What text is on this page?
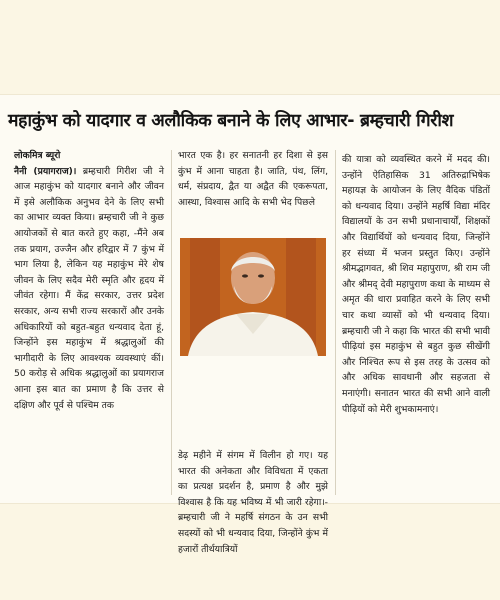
महाकुंभ को यादगार व अलौकिक बनाने के लिए आभार- ब्रम्हचारी गिरीश

लोकमित्र ब्यूरो
नैनी (प्रयागराज)। ब्रम्हचारी गिरीश जी ने आज महाकुंभ को यादगार बनाने और जीवन में इसे अलौकिक अनुभव देने के लिए सभी का आभार व्यक्त किया। ब्रम्हचारी जी ने कुछ आयोजकों से बात करते हुए कहा, -मैंने अब तक प्रयाग, उज्जैन और हरिद्वार में 7 कुंभ में भाग लिया है, लेकिन यह महाकुंभ मेरे शेष जीवन के लिए सदैव मेरी स्मृति और हृदय में जीवंत रहेगा। मैं केंद्र सरकार, उत्तर प्रदेश सरकार, अन्य सभी राज्य सरकारों और उनके अधिकारियों को बहुत-बहुत धन्यवाद देता हूं, जिन्होंने इस महाकुंभ में श्रद्धालुओं की भागीदारी के लिए आवश्यक व्यवस्थाएं कीं। 50 करोड़ से अधिक श्रद्धालुओं का प्रयागराज आना इस बात का प्रमाण है कि उत्तर से दक्षिण और पूर्व से पश्चिम तक

भारत एक है। हर सनातनी हर दिशा से इस कुंभ में आना चाहता है। जाति, पंथ, लिंग, धर्म, संप्रदाय, द्वैत या अद्वैत की एकरूपता, आस्था, विश्वास आदि के सभी भेद पिछले

डेढ़ महीने में संगम में विलीन हो गए। यह भारत की अनेकता और विविधता में एकता का प्रत्यक्ष प्रदर्शन है, प्रमाण है और मुझे विश्वास है कि यह भविष्य में भी जारी रहेगा।- ब्रम्हचारी जी ने महर्षि संगठन के उन सभी सदस्यों को भी धन्यवाद दिया, जिन्होंने कुंभ में हजारों तीर्थयात्रियों

की यात्रा को व्यवस्थित करने में मदद की। उन्होंने ऐतिहासिक 31 अतिरुद्राभिषेक महायज्ञ के आयोजन के लिए वैदिक पंडितों को धन्यवाद दिया। उन्होंने महर्षि विद्या मंदिर विद्यालयों के उन सभी प्रधानाचार्यों, शिक्षकों और विद्यार्थियों को धन्यवाद दिया, जिन्होंने हर संध्या में भजन प्रस्तुत किए। उन्होंने श्रीमद्भागवत, श्री शिव महापुराण, श्री राम जी और श्रीमद् देवी महापुराण कथा के माध्यम से अमृत की धारा प्रवाहित करने के लिए सभी चार कथा व्यासों को भी धन्यवाद दिया। ब्रम्हचारी जी ने कहा कि भारत की सभी भावी पीढ़ियां इस महाकुंभ से बहुत कुछ सीखेंगी और निश्चित रूप से इस तरह के उत्सव को और अधिक सावधानी और सहजता से मनाएंगी। सनातन भारत की सभी आने वाली पीढ़ियों को मेरी शुभकामनाएं।
